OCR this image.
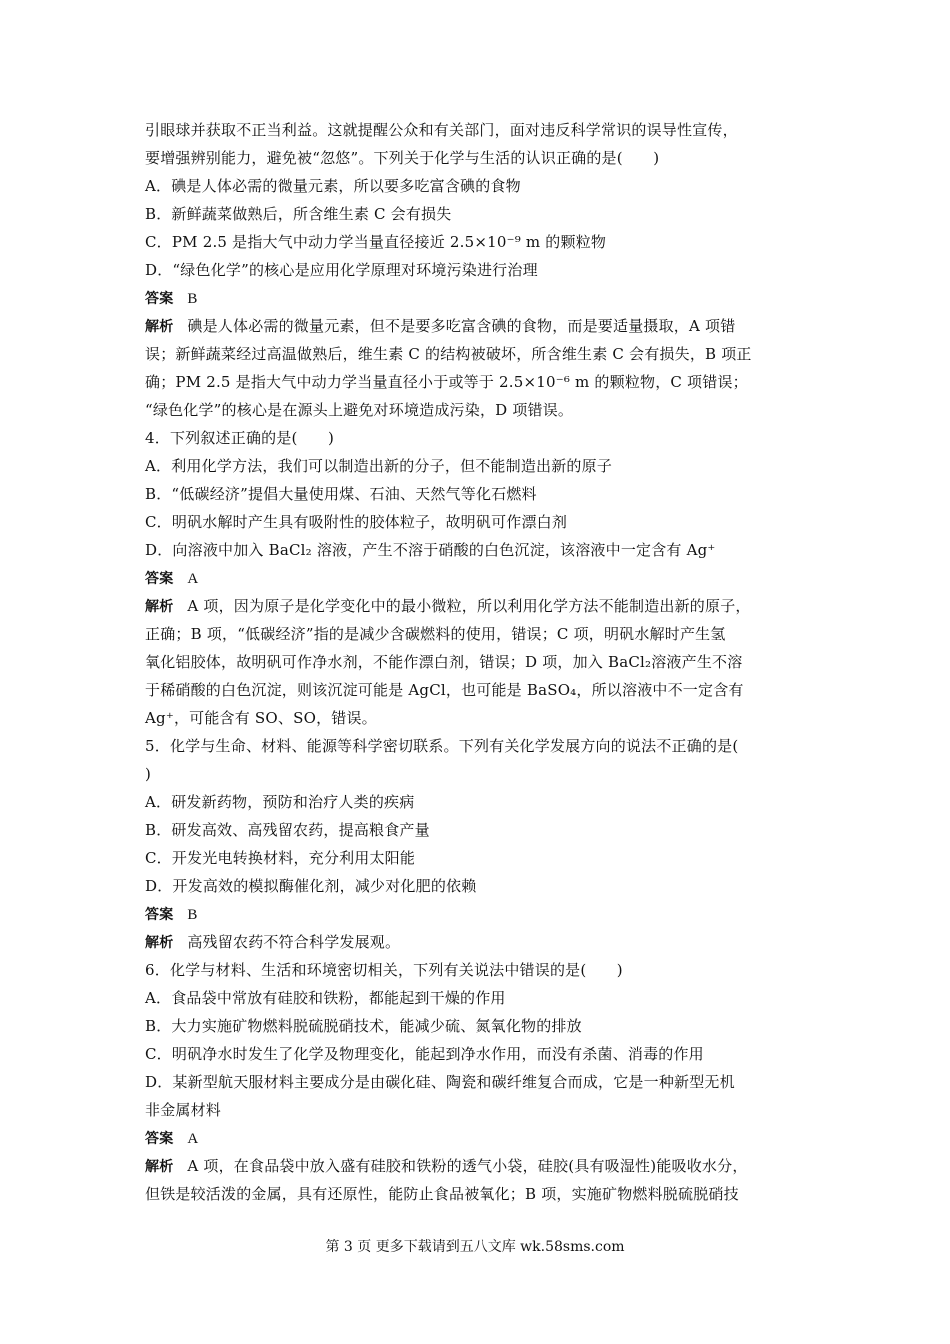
引眼球并获取不正当利益。这就提醒公众和有关部门，面对违反科学常识的误导性宣传，
要增强辨别能力，避免被“忽悠”。下列关于化学与生活的认识正确的是(　　)
A．碘是人体必需的微量元素，所以要多吃富含碘的食物
B．新鲜蔬菜做熟后，所含维生素 C 会有损失
C．PM 2.5 是指大气中动力学当量直径接近 2.5×10⁻⁹ m 的颗粒物
D．“绿色化学”的核心是应用化学原理对环境污染进行治理
答案 B
解析 碘是人体必需的微量元素，但不是要多吃富含碘的食物，而是要适量摄取，A 项错
误；新鲜蔬菜经过高温做熟后，维生素 C 的结构被破坏，所含维生素 C 会有损失，B 项正
确；PM 2.5 是指大气中动力学当量直径小于或等于 2.5×10⁻⁶ m 的颗粒物，C 项错误；
“绿色化学”的核心是在源头上避免对环境造成污染，D 项错误。
4．下列叙述正确的是(　　)
A．利用化学方法，我们可以制造出新的分子，但不能制造出新的原子
B．“低碳经济”提倡大量使用煤、石油、天然气等化石燃料
C．明矾水解时产生具有吸附性的胶体粒子，故明矾可作漂白剂
D．向溶液中加入 BaCl₂ 溶液，产生不溶于硝酸的白色沉淀，该溶液中一定含有 Ag⁺
答案 A
解析 A 项，因为原子是化学变化中的最小微粒，所以利用化学方法不能制造出新的原子，
正确；B 项，“低碳经济”指的是减少含碳燃料的使用，错误；C 项，明矾水解时产生氢
氧化铝胶体，故明矾可作净水剂，不能作漂白剂，错误；D 项，加入 BaCl₂溶液产生不溶
于稀硝酸的白色沉淀，则该沉淀可能是 AgCl，也可能是 BaSO₄，所以溶液中不一定含有
Ag⁺，可能含有 SO、SO，错误。
5．化学与生命、材料、能源等科学密切联系。下列有关化学发展方向的说法不正确的是(
)
A．研发新药物，预防和治疗人类的疾病
B．研发高效、高残留农药，提高粮食产量
C．开发光电转换材料，充分利用太阳能
D．开发高效的模拟酶催化剂，减少对化肥的依赖
答案 B
解析 高残留农药不符合科学发展观。
6．化学与材料、生活和环境密切相关，下列有关说法中错误的是(　　)
A．食品袋中常放有硅胶和铁粉，都能起到干燥的作用
B．大力实施矿物燃料脱硫脱硝技术，能减少硫、氮氧化物的排放
C．明矾净水时发生了化学及物理变化，能起到净水作用，而没有杀菌、消毒的作用
D．某新型航天服材料主要成分是由碳化硅、陶瓷和碳纤维复合而成，它是一种新型无机
非金属材料
答案 A
解析 A 项，在食品袋中放入盛有硅胶和铁粉的透气小袋，硅胶(具有吸湿性)能吸收水分，
但铁是较活泼的金属，具有还原性，能防止食品被氧化；B 项，实施矿物燃料脱硫脱硝技
第 3 页 更多下载请到五八文库 wk.58sms.com
